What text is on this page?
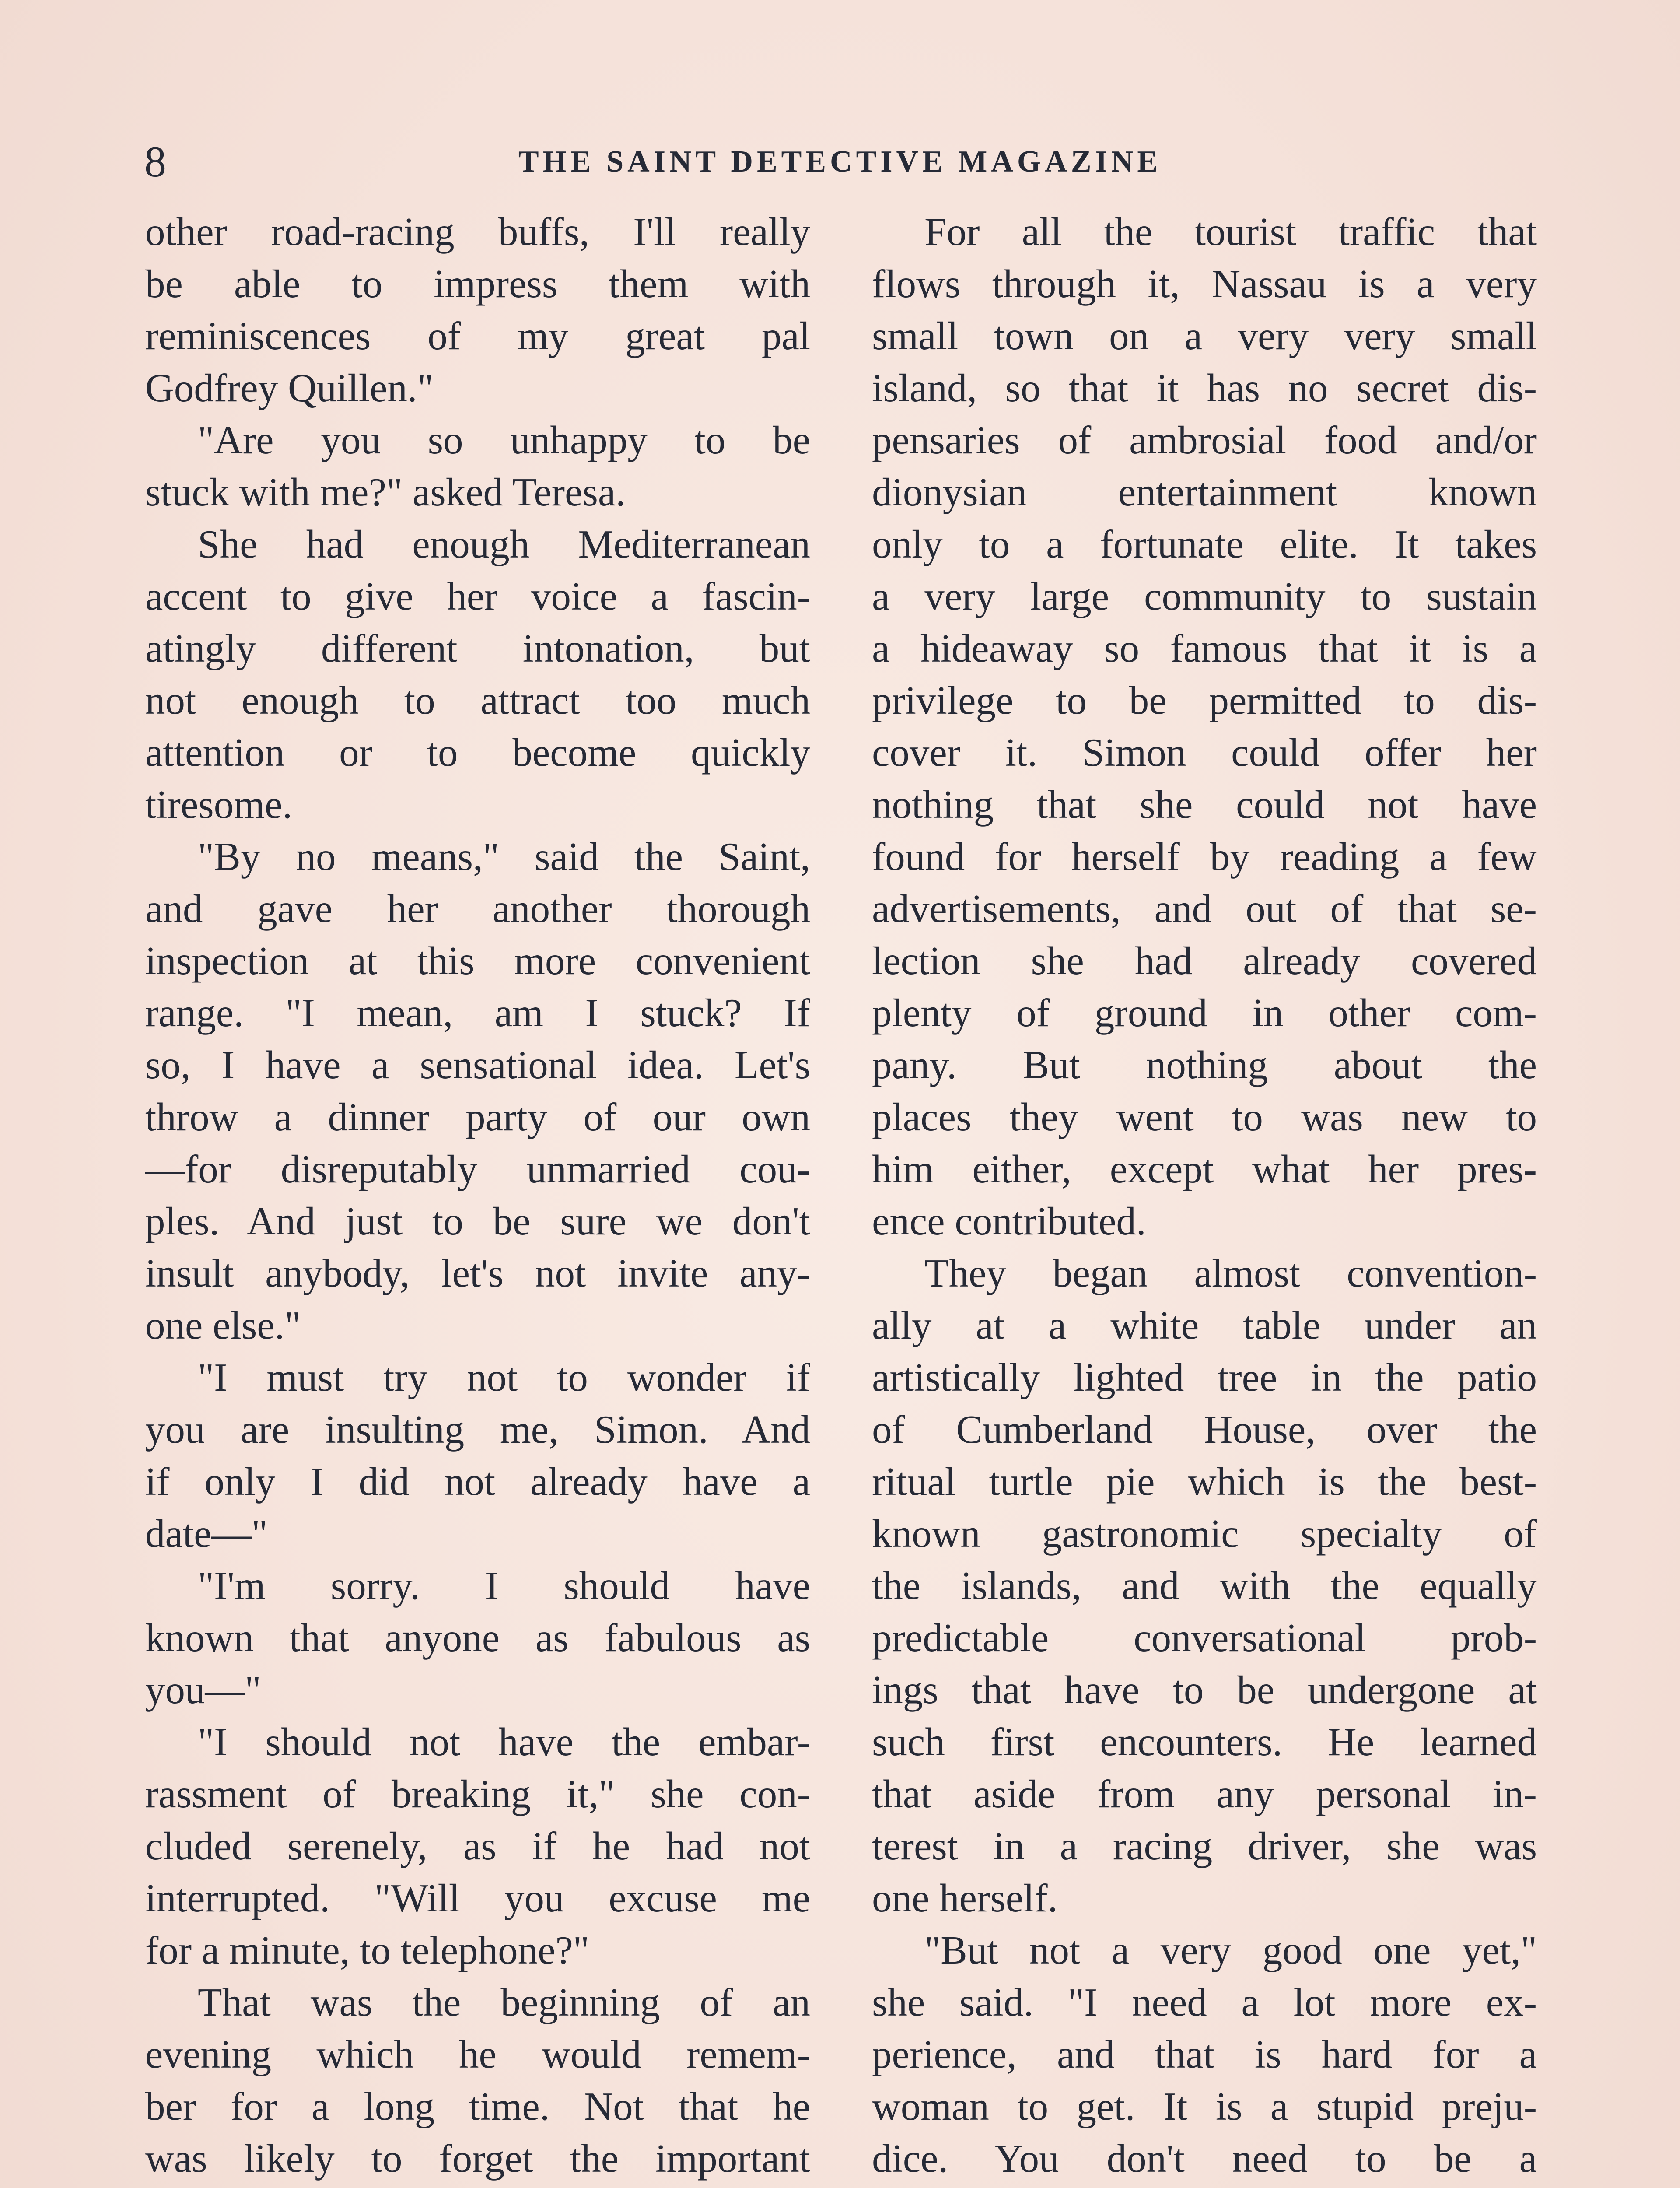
8	THE SAINT DETECTIVE MAGAZINE
other road-racing buffs, I'll really
be able to impress them with
reminiscences of my great pal
Godfrey Quillen."
"Are you so unhappy to be
stuck with me?" asked Teresa.
She had enough Mediterranean
accent to give her voice a fascin-
atingly different intonation, but
not enough to attract too much
attention or to become quickly
tiresome.
"By no means," said the Saint,
and gave her another thorough
inspection at this more convenient
range. "I mean, am I stuck? If
so, I have a sensational idea. Let's
throw a dinner party of our own
—for disreputably unmarried cou-
ples. And just to be sure we don't
insult anybody, let's not invite any-
one else."
"I must try not to wonder if
you are insulting me, Simon. And
if only I did not already have a
date—"
"I'm sorry. I should have
known that anyone as fabulous as
you—"
"I should not have the embar-
rassment of breaking it," she con-
cluded serenely, as if he had not
interrupted. "Will you excuse me
for a minute, to telephone?"
That was the beginning of an
evening which he would remem-
ber for a long time. Not that he
was likely to forget the important
For all the tourist traffic that
flows through it, Nassau is a very
small town on a very very small
island, so that it has no secret dis-
pensaries of ambrosial food and/or
dionysian entertainment known
only to a fortunate elite. It takes
a very large community to sustain
a hideaway so famous that it is a
privilege to be permitted to dis-
cover it. Simon could offer her
nothing that she could not have
found for herself by reading a few
advertisements, and out of that se-
lection she had already covered
plenty of ground in other com-
pany. But nothing about the
places they went to was new to
him either, except what her pres-
ence contributed.
They began almost convention-
ally at a white table under an
artistically lighted tree in the patio
of Cumberland House, over the
ritual turtle pie which is the best-
known gastronomic specialty of
the islands, and with the equally
predictable conversational prob-
ings that have to be undergone at
such first encounters. He learned
that aside from any personal in-
terest in a racing driver, she was
one herself.
"But not a very good one yet,"
she said. "I need a lot more ex-
perience, and that is hard for a
woman to get. It is a stupid preju-
dice. You don't need to be a
